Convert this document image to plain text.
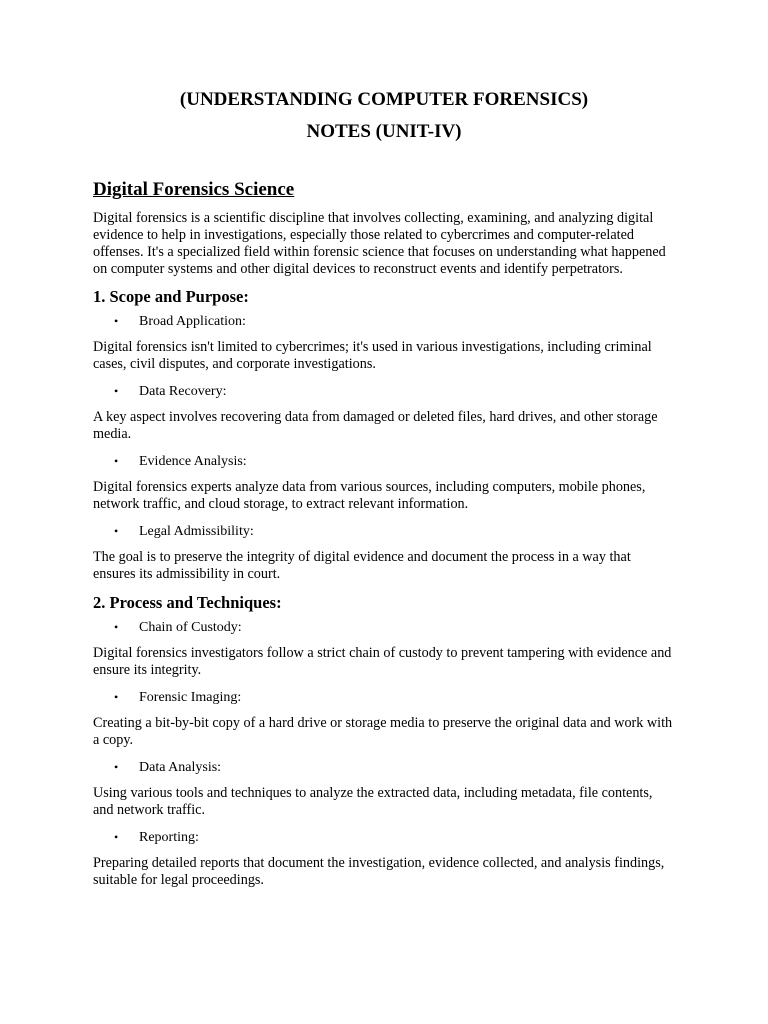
(UNDERSTANDING COMPUTER FORENSICS)
NOTES (UNIT-IV)
Digital Forensics Science

Digital forensics is a scientific discipline that involves collecting, examining, and analyzing digital evidence to help in investigations, especially those related to cybercrimes and computer-related offenses. It's a specialized field within forensic science that focuses on understanding what happened on computer systems and other digital devices to reconstruct events and identify perpetrators.

1. Scope and Purpose:
•	Broad Application:

Digital forensics isn't limited to cybercrimes; it's used in various investigations, including criminal cases, civil disputes, and corporate investigations.

•	Data Recovery:

A key aspect involves recovering data from damaged or deleted files, hard drives, and other storage media.

•	Evidence Analysis:

Digital forensics experts analyze data from various sources, including computers, mobile phones, network traffic, and cloud storage, to extract relevant information.

•	Legal Admissibility:

The goal is to preserve the integrity of digital evidence and document the process in a way that ensures its admissibility in court.

2. Process and Techniques:
•	Chain of Custody:

Digital forensics investigators follow a strict chain of custody to prevent tampering with evidence and ensure its integrity.

•	Forensic Imaging:

Creating a bit-by-bit copy of a hard drive or storage media to preserve the original data and work with a copy.

•	Data Analysis:

Using various tools and techniques to analyze the extracted data, including metadata, file contents, and network traffic.

•	Reporting:

Preparing detailed reports that document the investigation, evidence collected, and analysis findings, suitable for legal proceedings.
